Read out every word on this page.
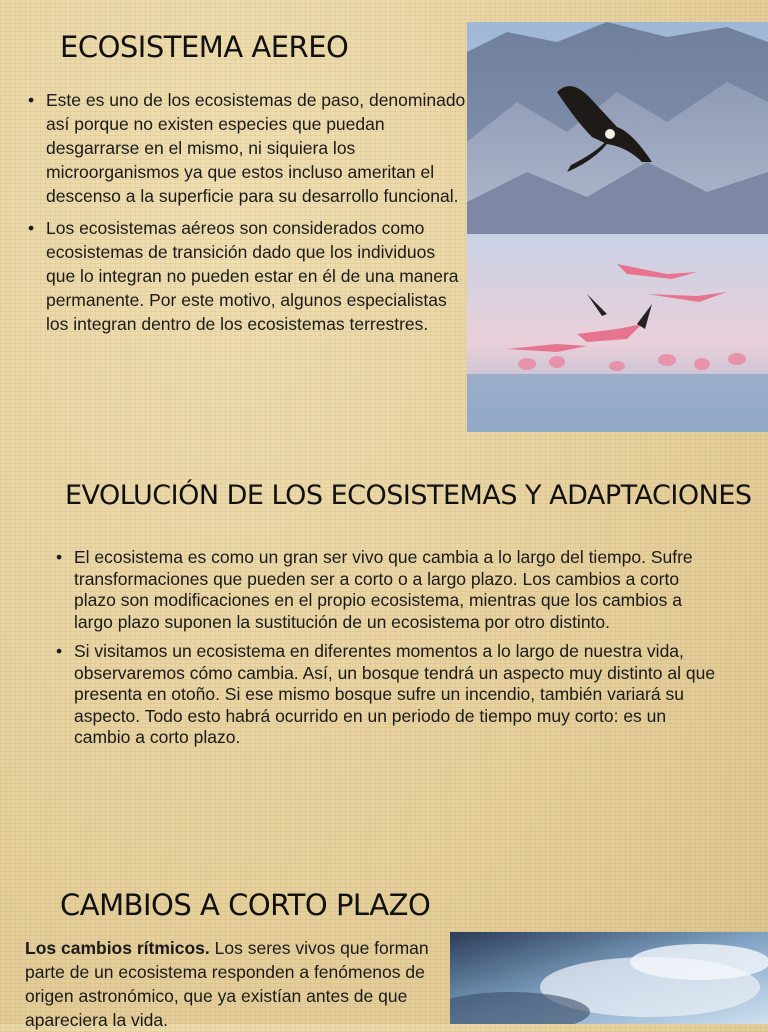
ECOSISTEMA AEREO
• Este es uno de los ecosistemas de paso, denominado así porque no existen especies que puedan desgarrarse en el mismo, ni siquiera los microorganismos ya que estos incluso ameritan el descenso a la superficie para su desarrollo funcional.
• Los ecosistemas aéreos son considerados como ecosistemas de transición dado que los individuos que lo integran no pueden estar en él de una manera permanente. Por este motivo, algunos especialistas los integran dentro de los ecosistemas terrestres.
EVOLUCIÓN DE LOS ECOSISTEMAS Y ADAPTACIONES
• El ecosistema es como un gran ser vivo que cambia a lo largo del tiempo. Sufre transformaciones que pueden ser a corto o a largo plazo. Los cambios a corto plazo son modificaciones en el propio ecosistema, mientras que los cambios a largo plazo suponen la sustitución de un ecosistema por otro distinto.
• Si visitamos un ecosistema en diferentes momentos a lo largo de nuestra vida, observaremos cómo cambia. Así, un bosque tendrá un aspecto muy distinto al que presenta en otoño. Si ese mismo bosque sufre un incendio, también variará su aspecto. Todo esto habrá ocurrido en un periodo de tiempo muy corto: es un cambio a corto plazo.
CAMBIOS A CORTO PLAZO

Los cambios rítmicos. Los seres vivos que forman parte de un ecosistema responden a fenómenos de origen astronómico, que ya existían antes de que apareciera la vida.
